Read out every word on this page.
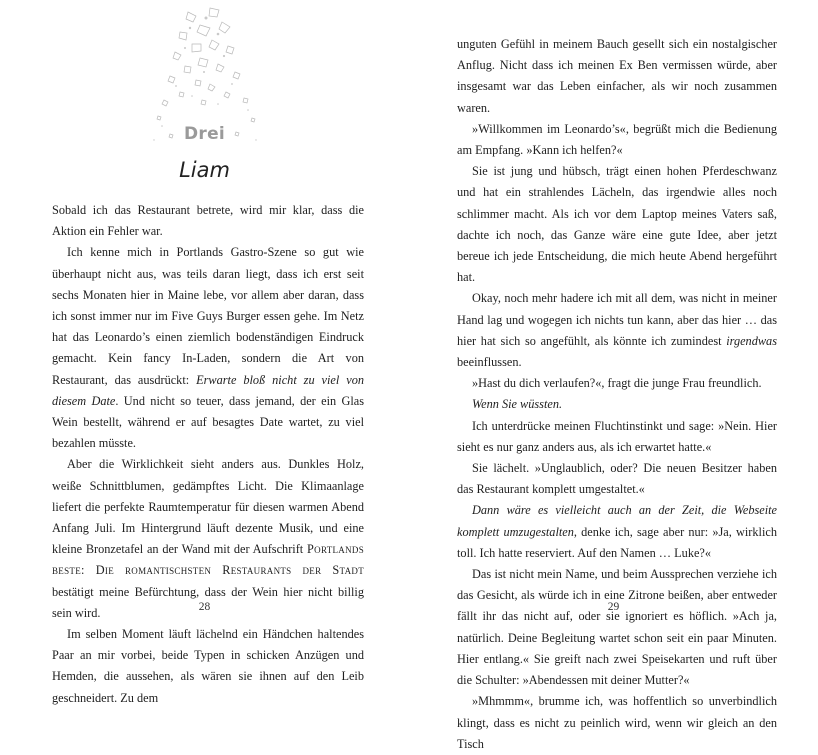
Drei
Liam

Sobald ich das Restaurant betrete, wird mir klar, dass die Aktion ein Fehler war.

Ich kenne mich in Portlands Gastro-Szene so gut wie überhaupt nicht aus, was teils daran liegt, dass ich erst seit sechs Monaten hier in Maine lebe, vor allem aber daran, dass ich sonst immer nur im Five Guys Burger essen gehe. Im Netz hat das Leonardo’s einen ziemlich bodenständigen Eindruck gemacht. Kein fancy In-Laden, sondern die Art von Restaurant, das ausdrückt: Erwarte bloß nicht zu viel von diesem Date. Und nicht so teuer, dass jemand, der ein Glas Wein bestellt, während er auf besagtes Date wartet, zu viel bezahlen müsste.

Aber die Wirklichkeit sieht anders aus. Dunkles Holz, weiße Schnittblumen, gedämpftes Licht. Die Klimaanlage liefert die perfekte Raumtemperatur für diesen warmen Abend Anfang Juli. Im Hintergrund läuft dezente Musik, und eine kleine Bronzetafel an der Wand mit der Aufschrift Portlands beste: Die romantischsten Restaurants der Stadt bestätigt meine Befürchtung, dass der Wein hier nicht billig sein wird.

Im selben Moment läuft lächelnd ein Händchen haltendes Paar an mir vorbei, beide Typen in schicken Anzügen und Hemden, die aussehen, als wären sie ihnen auf den Leib geschneidert. Zu dem

28

unguten Gefühl in meinem Bauch gesellt sich ein nostalgischer Anflug. Nicht dass ich meinen Ex Ben vermissen würde, aber insgesamt war das Leben einfacher, als wir noch zusammen waren.

»Willkommen im Leonardo’s«, begrüßt mich die Bedienung am Empfang. »Kann ich helfen?«

Sie ist jung und hübsch, trägt einen hohen Pferdeschwanz und hat ein strahlendes Lächeln, das irgendwie alles noch schlimmer macht. Als ich vor dem Laptop meines Vaters saß, dachte ich noch, das Ganze wäre eine gute Idee, aber jetzt bereue ich jede Entscheidung, die mich heute Abend hergeführt hat.

Okay, noch mehr hadere ich mit all dem, was nicht in meiner Hand lag und wogegen ich nichts tun kann, aber das hier … das hier hat sich so angefühlt, als könnte ich zumindest irgendwas beeinflussen.

»Hast du dich verlaufen?«, fragt die junge Frau freundlich.

Wenn Sie wüssten.

Ich unterdrücke meinen Fluchtinstinkt und sage: »Nein. Hier sieht es nur ganz anders aus, als ich erwartet hatte.«

Sie lächelt. »Unglaublich, oder? Die neuen Besitzer haben das Restaurant komplett umgestaltet.«

Dann wäre es vielleicht auch an der Zeit, die Webseite komplett umzugestalten, denke ich, sage aber nur: »Ja, wirklich toll. Ich hatte reserviert. Auf den Namen … Luke?«

Das ist nicht mein Name, und beim Aussprechen verziehe ich das Gesicht, als würde ich in eine Zitrone beißen, aber entweder fällt ihr das nicht auf, oder sie ignoriert es höflich. »Ach ja, natürlich. Deine Begleitung wartet schon seit ein paar Minuten. Hier entlang.« Sie greift nach zwei Speisekarten und ruft über die Schulter: »Abendessen mit deiner Mutter?«

»Mhmmm«, brumme ich, was hoffentlich so unverbindlich klingt, dass es nicht zu peinlich wird, wenn wir gleich an den Tisch

29
